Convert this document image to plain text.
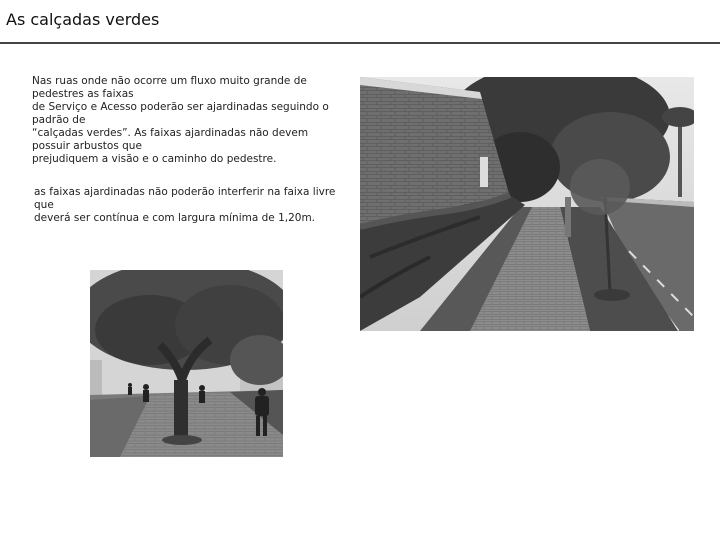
As calçadas verdes
Nas ruas onde não ocorre um fluxo muito grande de
pedestres as faixas
de Serviço e Acesso poderão ser ajardinadas seguindo o
padrão de
“calçadas verdes”. As faixas ajardinadas não devem
possuir arbustos que
prejudiquem a visão e o caminho do pedestre.
as faixas ajardinadas não poderão interferir na faixa livre
que
deverá ser contínua e com largura mínima de 1,20m.
